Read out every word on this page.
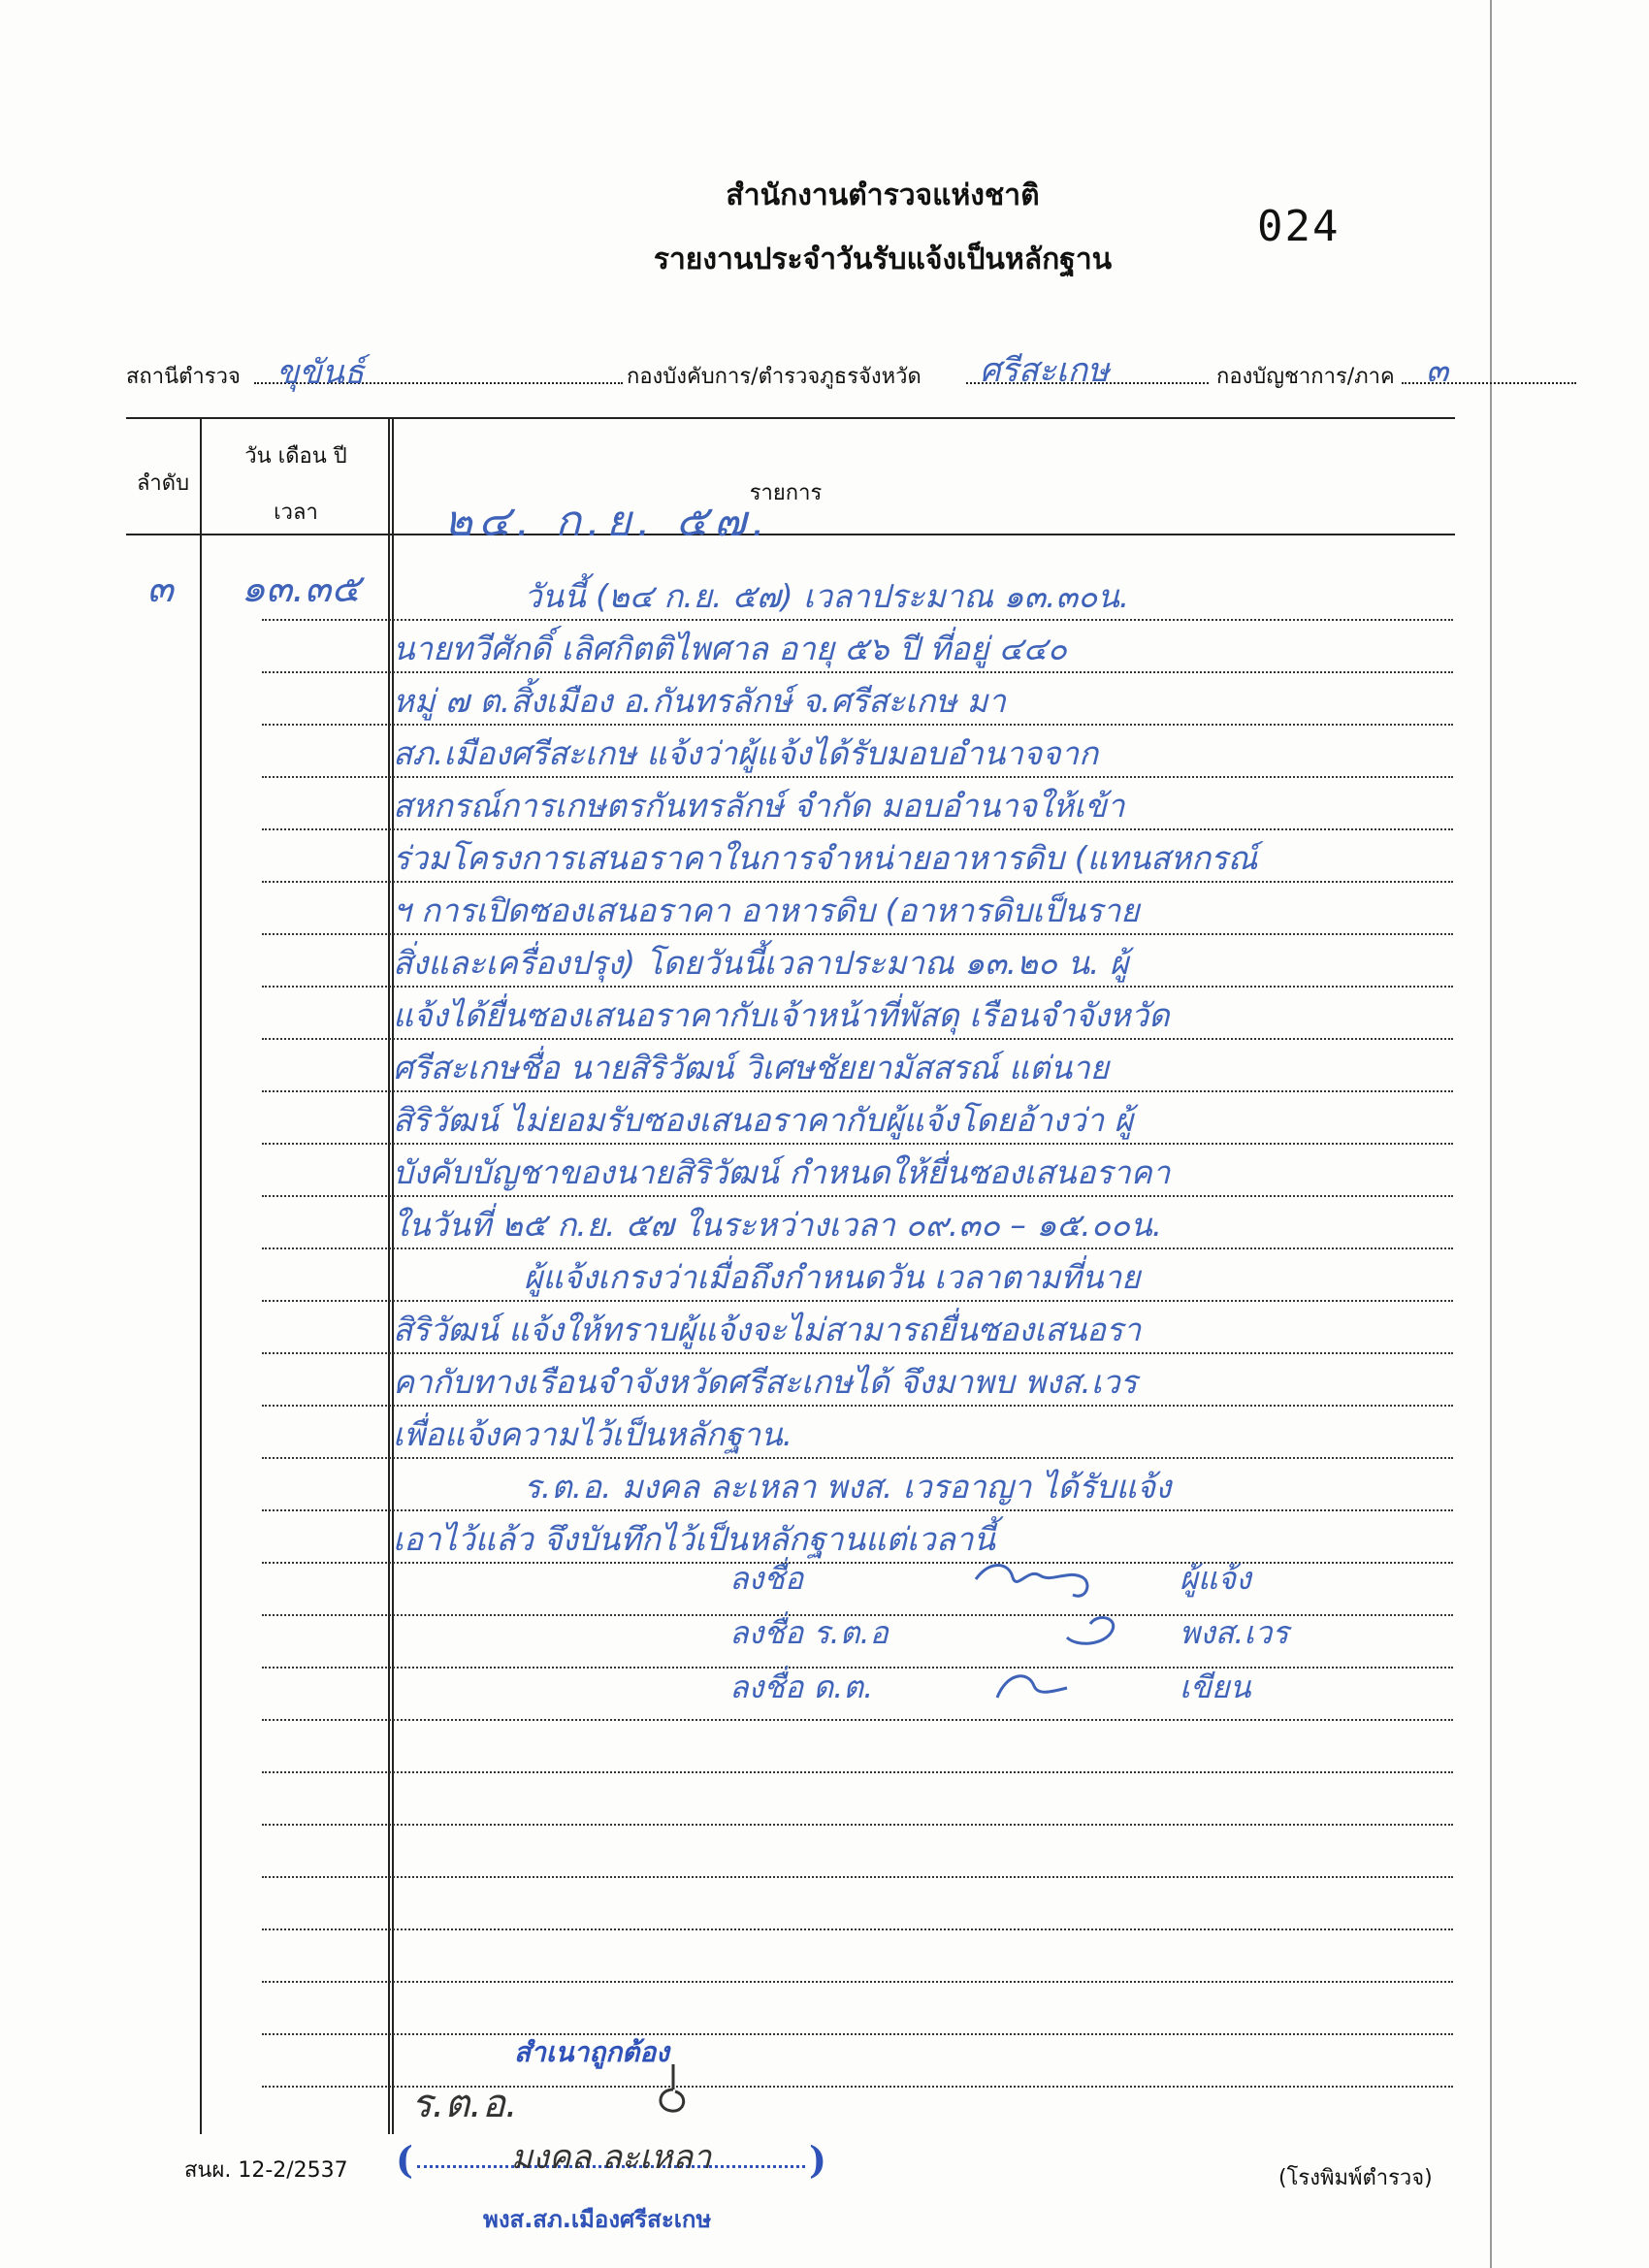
สำนักงานตำรวจแห่งชาติ
รายงานประจำวันรับแจ้งเป็นหลักฐาน
024
สถานีตำรวจ ขุขันธ์	กองบังคับการ/ตำรวจภูธรจังหวัด ศรีสะเกษ	กองบัญชาการ/ภาค ๓
ลำดับ
วัน เดือน ปี
เวลา
รายการ
๒๔. ก.ย. ๕๗.
๓	๑๓.๓๕	วันนี้ (๒๔ ก.ย. ๕๗) เวลาประมาณ ๑๓.๓๐น.

นายทวีศักดิ์ เลิศกิตติไพศาล อายุ ๕๖ ปี ที่อยู่ ๔๔๐

หมู่ ๗ ต.สิ้งเมือง อ.กันทรลักษ์ จ.ศรีสะเกษ มา

สภ.เมืองศรีสะเกษ แจ้งว่าผู้แจ้งได้รับมอบอำนาจจาก

สหกรณ์การเกษตรกันทรลักษ์ จำกัด มอบอำนาจให้เข้า

ร่วมโครงการเสนอราคาในการจำหน่ายอาหารดิบ (แทนสหกรณ์

ฯ การเปิดซองเสนอราคา อาหารดิบ (อาหารดิบเป็นราย

สิ่งและเครื่องปรุง) โดยวันนี้เวลาประมาณ ๑๓.๒๐ น. ผู้

แจ้งได้ยื่นซองเสนอราคากับเจ้าหน้าที่พัสดุ เรือนจำจังหวัด

ศรีสะเกษชื่อ นายสิริวัฒน์ วิเศษชัยยามัสสรณ์ แต่นาย

สิริวัฒน์ ไม่ยอมรับซองเสนอราคากับผู้แจ้งโดยอ้างว่า ผู้

บังคับบัญชาของนายสิริวัฒน์ กำหนดให้ยื่นซองเสนอราคา

ในวันที่ ๒๕ ก.ย. ๕๗ ในระหว่างเวลา ๐๙.๓๐ – ๑๕.๐๐น.

ผู้แจ้งเกรงว่าเมื่อถึงกำหนดวัน เวลาตามที่นาย

สิริวัฒน์ แจ้งให้ทราบผู้แจ้งจะไม่สามารถยื่นซองเสนอรา

คากับทางเรือนจำจังหวัดศรีสะเกษได้ จึงมาพบ พงส.เวร

เพื่อแจ้งความไว้เป็นหลักฐาน.

ร.ต.อ. มงคล ละเหลา พงส. เวรอาญา ได้รับแจ้ง

เอาไว้แล้ว จึงบันทึกไว้เป็นหลักฐานแต่เวลานี้

ลงชื่อ	ผู้แจ้ง
ลงชื่อ ร.ต.อ	พงส.เวร
ลงชื่อ ด.ต.	เขียน
สำเนาถูกต้อง
ร.ต.อ.
(	มงคล ละเหลา	)
พงส.สภ.เมืองศรีสะเกษ
สนผ. 12-2/2537	(โรงพิมพ์ตำรวจ)
